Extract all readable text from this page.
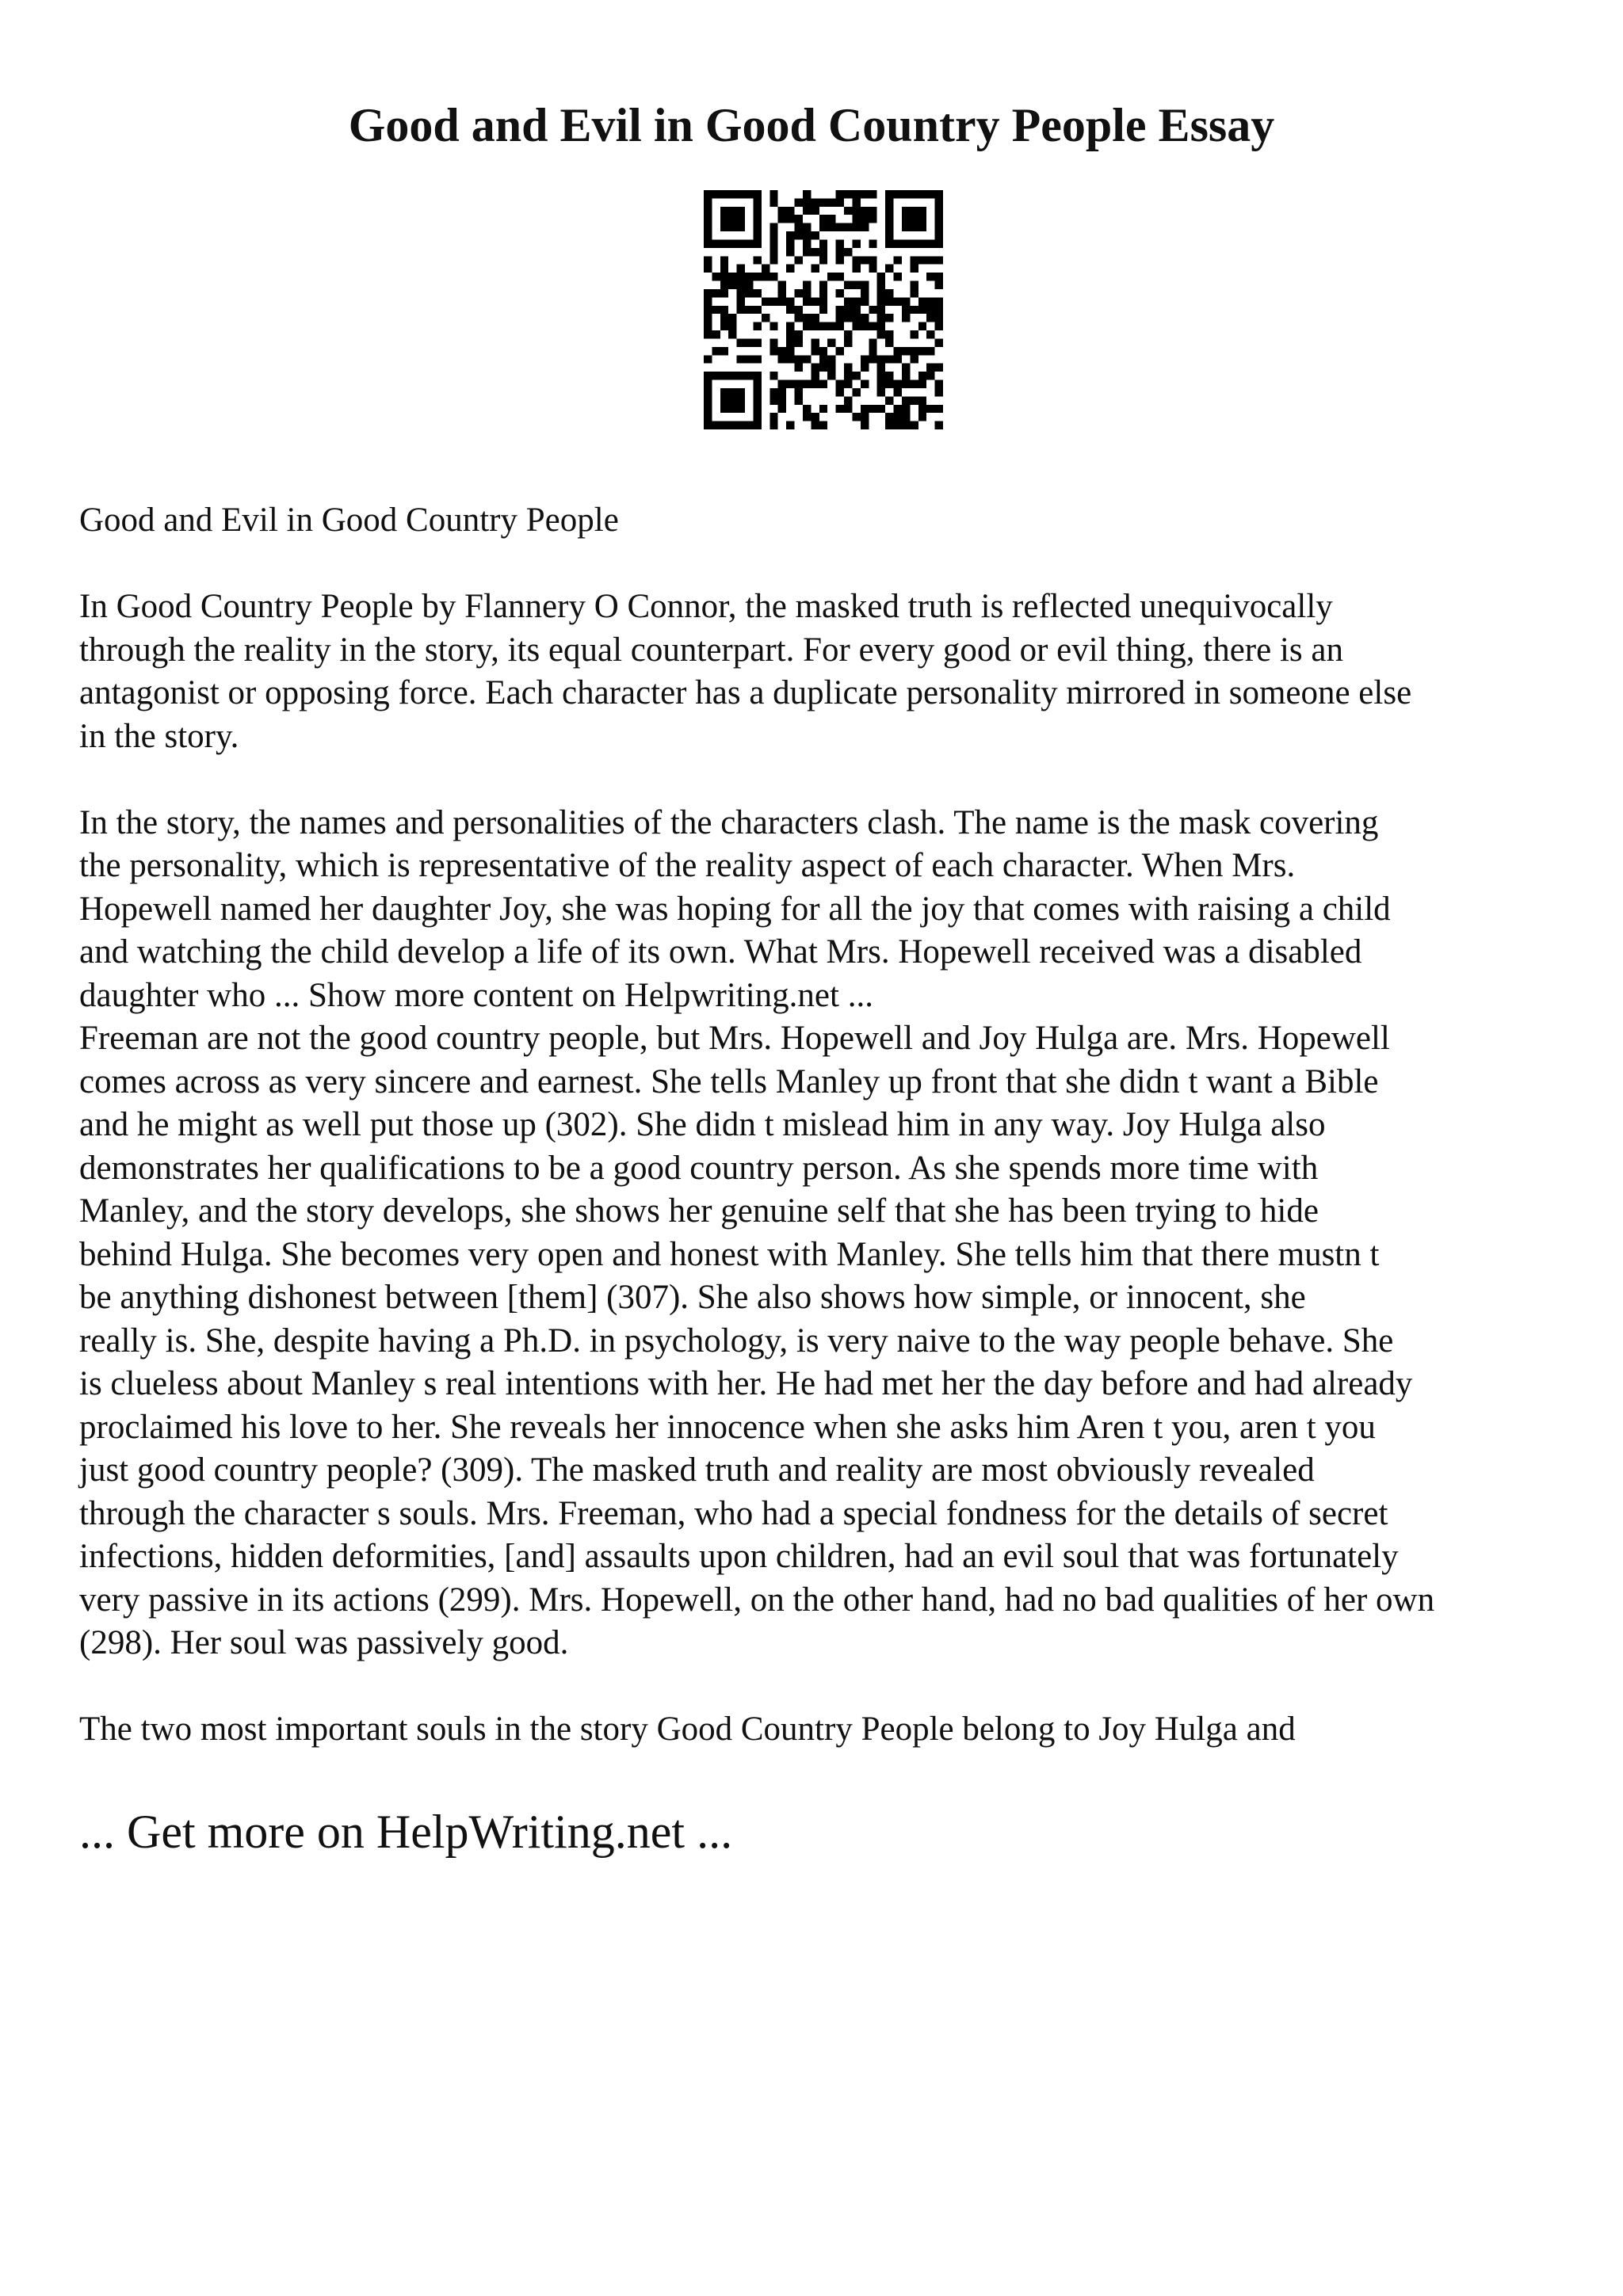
Good and Evil in Good Country People Essay

Good and Evil in Good Country People

In Good Country People by Flannery O Connor, the masked truth is reflected unequivocally
through the reality in the story, its equal counterpart. For every good or evil thing, there is an
antagonist or opposing force. Each character has a duplicate personality mirrored in someone else
in the story.

In the story, the names and personalities of the characters clash. The name is the mask covering
the personality, which is representative of the reality aspect of each character. When Mrs.
Hopewell named her daughter Joy, she was hoping for all the joy that comes with raising a child
and watching the child develop a life of its own. What Mrs. Hopewell received was a disabled
daughter who ... Show more content on Helpwriting.net ...
Freeman are not the good country people, but Mrs. Hopewell and Joy Hulga are. Mrs. Hopewell
comes across as very sincere and earnest. She tells Manley up front that she didn t want a Bible
and he might as well put those up (302). She didn t mislead him in any way. Joy Hulga also
demonstrates her qualifications to be a good country person. As she spends more time with
Manley, and the story develops, she shows her genuine self that she has been trying to hide
behind Hulga. She becomes very open and honest with Manley. She tells him that there mustn t
be anything dishonest between [them] (307). She also shows how simple, or innocent, she
really is. She, despite having a Ph.D. in psychology, is very naive to the way people behave. She
is clueless about Manley s real intentions with her. He had met her the day before and had already
proclaimed his love to her. She reveals her innocence when she asks him Aren t you, aren t you
just good country people? (309). The masked truth and reality are most obviously revealed
through the character s souls. Mrs. Freeman, who had a special fondness for the details of secret
infections, hidden deformities, [and] assaults upon children, had an evil soul that was fortunately
very passive in its actions (299). Mrs. Hopewell, on the other hand, had no bad qualities of her own
(298). Her soul was passively good.

The two most important souls in the story Good Country People belong to Joy Hulga and

... Get more on HelpWriting.net ...
